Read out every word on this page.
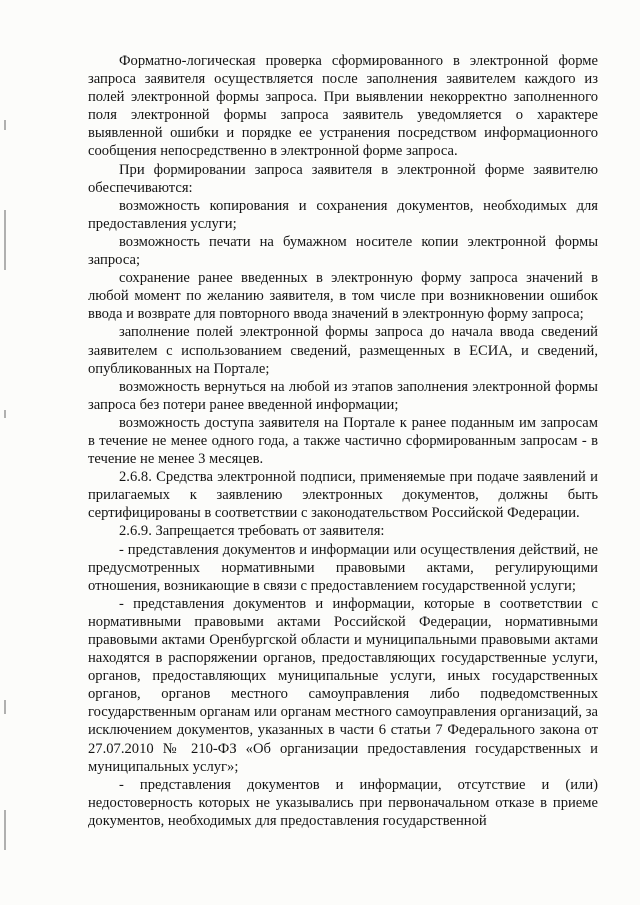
Форматно-логическая проверка сформированного в электронной форме запроса заявителя осуществляется после заполнения заявителем каждого из полей электронной формы запроса. При выявлении некорректно заполненного поля электронной формы запроса заявитель уведомляется о характере выявленной ошибки и порядке ее устранения посредством информационного сообщения непосредственно в электронной форме запроса.

При формировании запроса заявителя в электронной форме заявителю обеспечиваются:

возможность копирования и сохранения документов, необходимых для предоставления услуги;

возможность печати на бумажном носителе копии электронной формы запроса;

сохранение ранее введенных в электронную форму запроса значений в любой момент по желанию заявителя, в том числе при возникновении ошибок ввода и возврате для повторного ввода значений в электронную форму запроса;

заполнение полей электронной формы запроса до начала ввода сведений заявителем с использованием сведений, размещенных в ЕСИА, и сведений, опубликованных на Портале;

возможность вернуться на любой из этапов заполнения электронной формы запроса без потери ранее введенной информации;

возможность доступа заявителя на Портале к ранее поданным им запросам в течение не менее одного года, а также частично сформированным запросам - в течение не менее 3 месяцев.

2.6.8. Средства электронной подписи, применяемые при подаче заявлений и прилагаемых к заявлению электронных документов, должны быть сертифицированы в соответствии с законодательством Российской Федерации.

2.6.9. Запрещается требовать от заявителя:

- представления документов и информации или осуществления действий, не предусмотренных нормативными правовыми актами, регулирующими отношения, возникающие в связи с предоставлением государственной услуги;

- представления документов и информации, которые в соответствии с нормативными правовыми актами Российской Федерации, нормативными правовыми актами Оренбургской области и муниципальными правовыми актами находятся в распоряжении органов, предоставляющих государственные услуги, органов, предоставляющих муниципальные услуги, иных государственных органов, органов местного самоуправления либо подведомственных государственным органам или органам местного самоуправления организаций, за исключением документов, указанных в части 6 статьи 7 Федерального закона от 27.07.2010 № 210-ФЗ «Об организации предоставления государственных и муниципальных услуг»;

- представления документов и информации, отсутствие и (или) недостоверность которых не указывались при первоначальном отказе в приеме документов, необходимых для предоставления государственной
